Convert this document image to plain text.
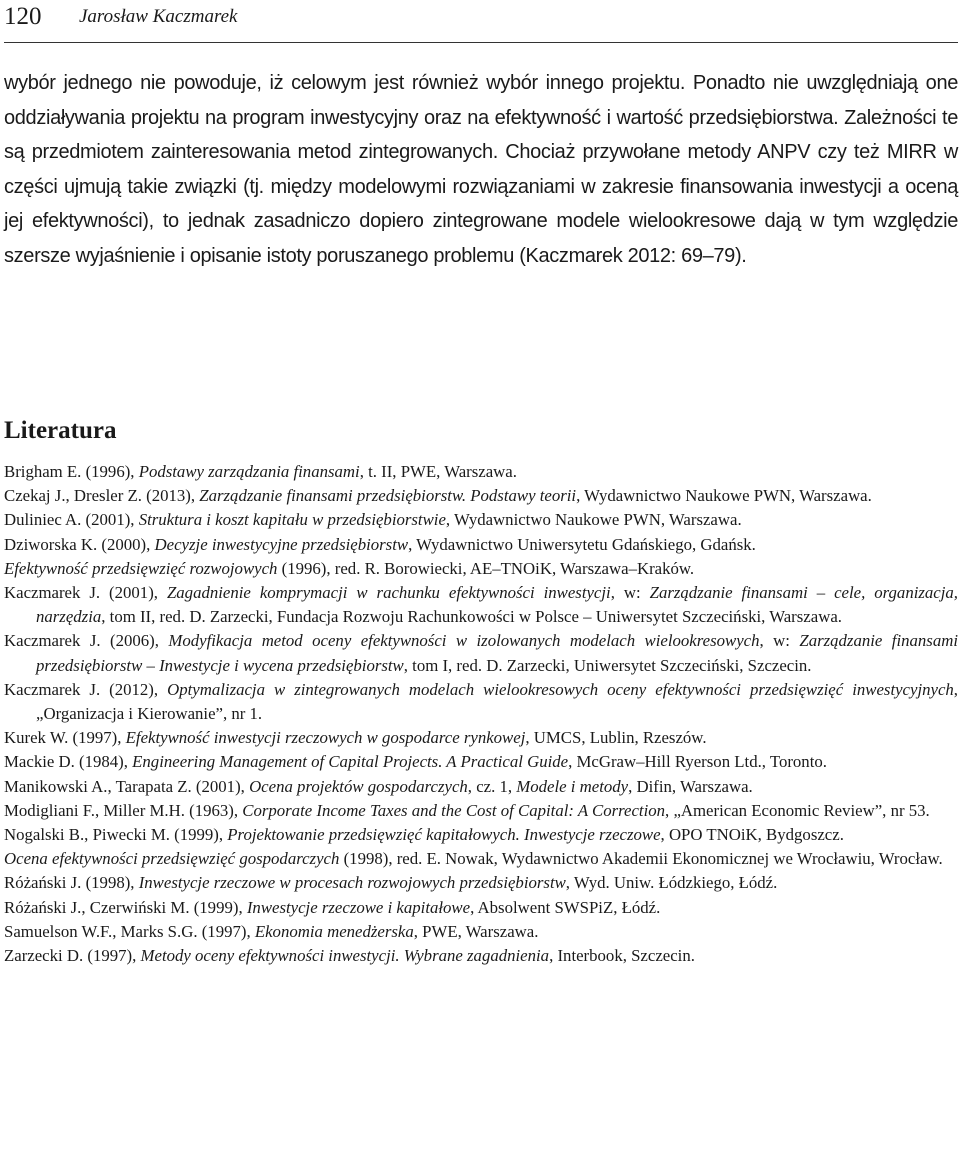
120 Jarosław Kaczmarek

wybór jednego nie powoduje, iż celowym jest również wybór innego projektu. Ponadto nie uwzględniają one oddziaływania projektu na program inwestycyjny oraz na efektywność i wartość przedsiębiorstwa. Zależności te są przedmiotem zainteresowania metod zintegrowanych. Chociaż przywołane metody ANPV czy też MIRR w części ujmują takie związki (tj. między modelowymi rozwiązaniami w zakresie finansowania inwestycji a oceną jej efektywności), to jednak zasadniczo dopiero zintegrowane modele wielookresowe dają w tym względzie szersze wyjaśnienie i opisanie istoty poruszanego problemu (Kaczmarek 2012: 69–79).

Literatura

Brigham E. (1996), Podstawy zarządzania finansami, t. II, PWE, Warszawa.

Czekaj J., Dresler Z. (2013), Zarządzanie finansami przedsiębiorstw. Podstawy teorii, Wydawnictwo Naukowe PWN, Warszawa.

Duliniec A. (2001), Struktura i koszt kapitału w przedsiębiorstwie, Wydawnictwo Naukowe PWN, Warszawa.

Dziworska K. (2000), Decyzje inwestycyjne przedsiębiorstw, Wydawnictwo Uniwersytetu Gdańskiego, Gdańsk.

Efektywność przedsięwzięć rozwojowych (1996), red. R. Borowiecki, AE–TNOiK, Warszawa–Kraków.

Kaczmarek J. (2001), Zagadnienie komprymacji w rachunku efektywności inwestycji, w: Zarządzanie finansami – cele, organizacja, narzędzia, tom II, red. D. Zarzecki, Fundacja Rozwoju Rachunkowości w Polsce – Uniwersytet Szczeciński, Warszawa.

Kaczmarek J. (2006), Modyfikacja metod oceny efektywności w izolowanych modelach wielookresowych, w: Zarządzanie finansami przedsiębiorstw – Inwestycje i wycena przedsiębiorstw, tom I, red. D. Zarzecki, Uniwersytet Szczeciński, Szczecin.

Kaczmarek J. (2012), Optymalizacja w zintegrowanych modelach wielookresowych oceny efektywności przedsięwzięć inwestycyjnych, „Organizacja i Kierowanie”, nr 1.

Kurek W. (1997), Efektywność inwestycji rzeczowych w gospodarce rynkowej, UMCS, Lublin, Rzeszów.

Mackie D. (1984), Engineering Management of Capital Projects. A Practical Guide, McGraw–Hill Ryerson Ltd., Toronto.

Manikowski A., Tarapata Z. (2001), Ocena projektów gospodarczych, cz. 1, Modele i metody, Difin, Warszawa.

Modigliani F., Miller M.H. (1963), Corporate Income Taxes and the Cost of Capital: A Correction, „American Economic Review”, nr 53.

Nogalski B., Piwecki M. (1999), Projektowanie przedsięwzięć kapitałowych. Inwestycje rzeczowe, OPO TNOiK, Bydgoszcz.

Ocena efektywności przedsięwzięć gospodarczych (1998), red. E. Nowak, Wydawnictwo Akademii Ekonomicznej we Wrocławiu, Wrocław.

Różański J. (1998), Inwestycje rzeczowe w procesach rozwojowych przedsiębiorstw, Wyd. Uniw. Łódzkiego, Łódź.

Różański J., Czerwiński M. (1999), Inwestycje rzeczowe i kapitałowe, Absolwent SWSPiZ, Łódź.

Samuelson W.F., Marks S.G. (1997), Ekonomia menedżerska, PWE, Warszawa.

Zarzecki D. (1997), Metody oceny efektywności inwestycji. Wybrane zagadnienia, Interbook, Szczecin.
